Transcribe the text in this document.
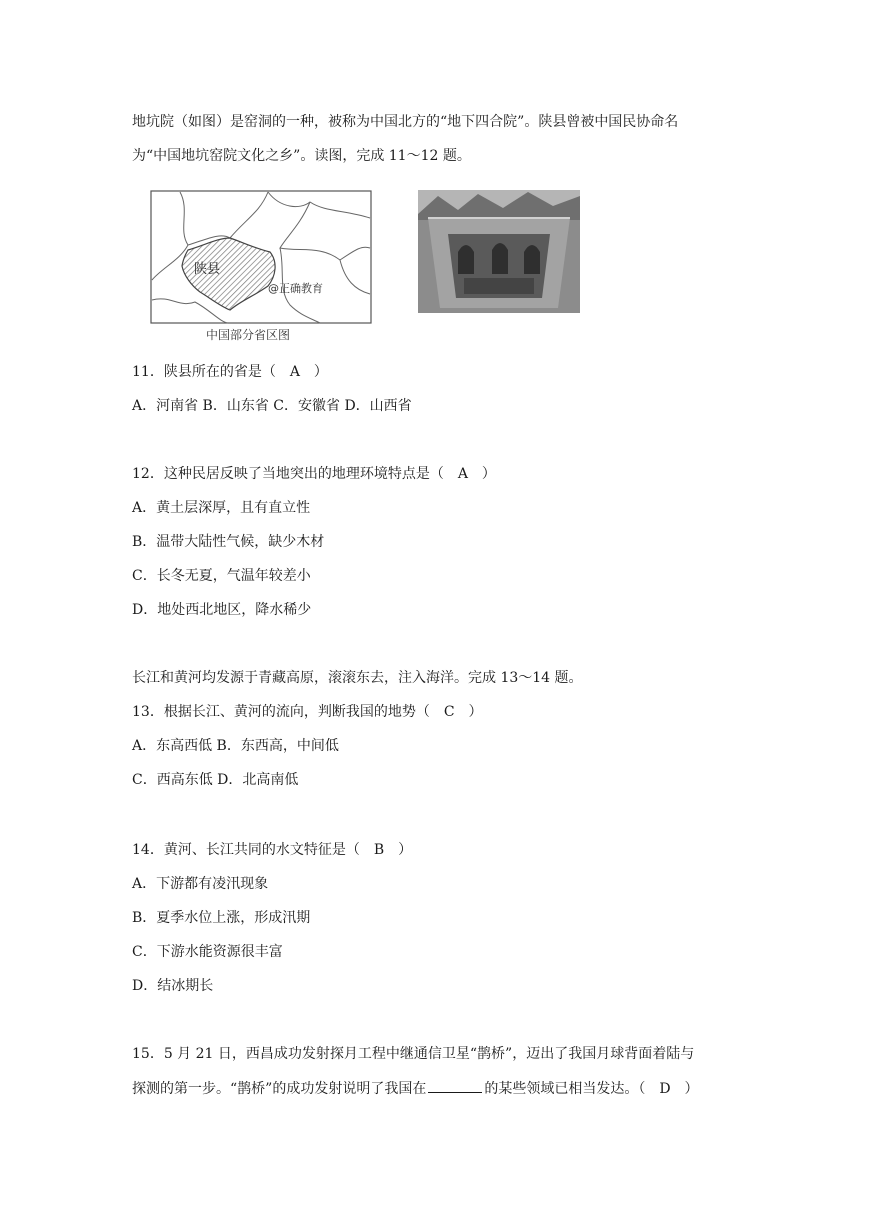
地坑院（如图）是窑洞的一种，被称为中国北方的“地下四合院”。陕县曾被中国民协命名
为“中国地坑窑院文化之乡”。读图，完成 11～12 题。
陕县
@正确教育
中国部分省区图
11．陕县所在的省是（　A　）
A．河南省 B．山东省 C．安徽省 D．山西省
12．这种民居反映了当地突出的地理环境特点是（　A　）
A．黄土层深厚，且有直立性
B．温带大陆性气候，缺少木材
C．长冬无夏，气温年较差小
D．地处西北地区，降水稀少
长江和黄河均发源于青藏高原，滚滚东去，注入海洋。完成 13～14 题。
13．根据长江、黄河的流向，判断我国的地势（　C　）
A．东高西低 B．东西高，中间低
C．西高东低 D．北高南低
14．黄河、长江共同的水文特征是（　B　）
A．下游都有凌汛现象
B．夏季水位上涨，形成汛期
C．下游水能资源很丰富
D．结冰期长
15．5 月 21 日，西昌成功发射探月工程中继通信卫星“鹊桥”，迈出了我国月球背面着陆与
探测的第一步。“鹊桥”的成功发射说明了我国在	的某些领域已相当发达。（　D　）
